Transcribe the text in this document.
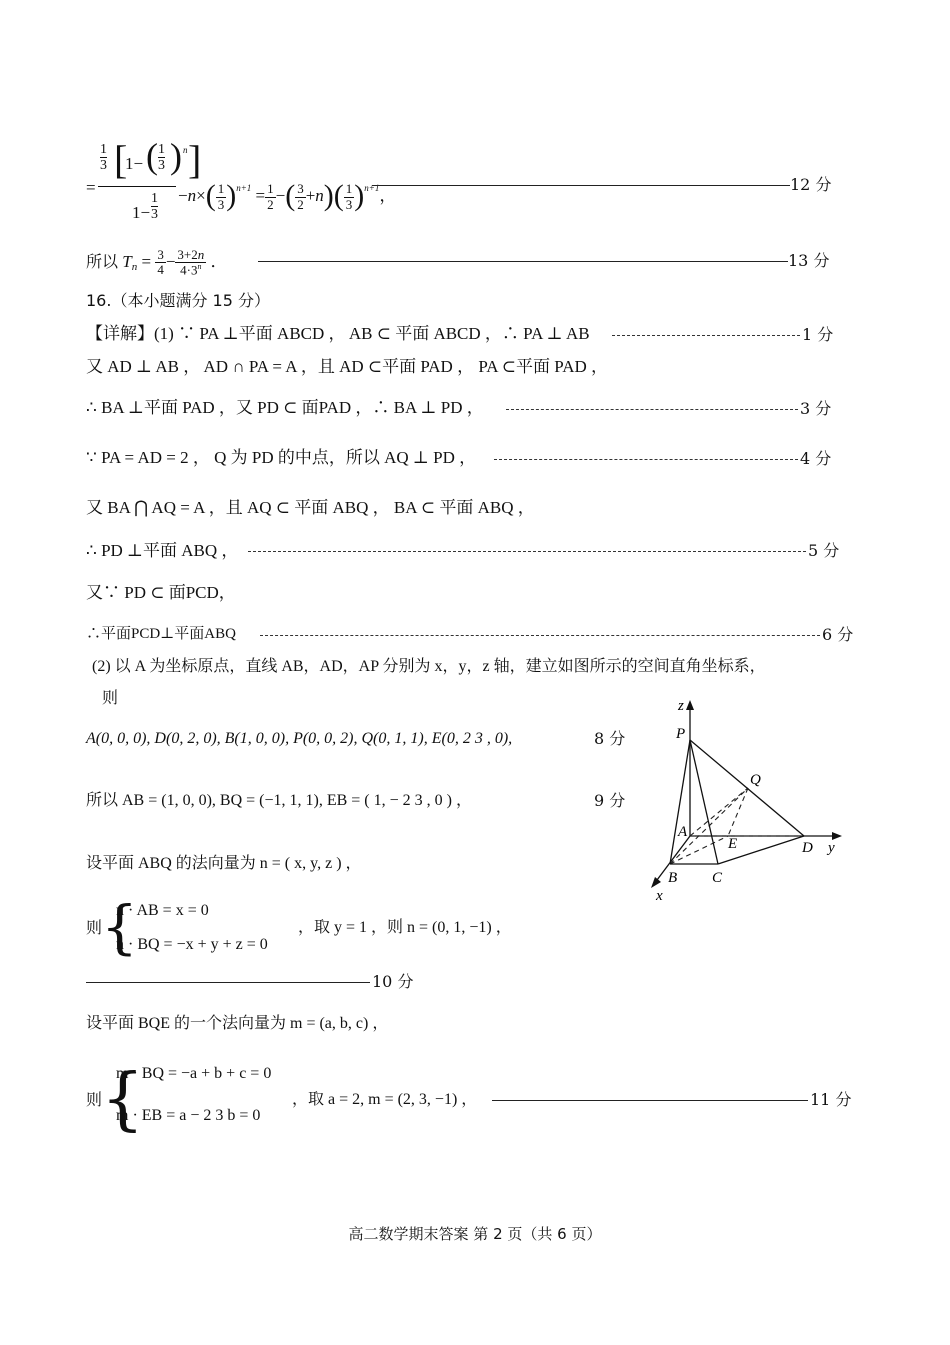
=
1
3 [
1− ( 1
3 ) n ]
1−
1
3
$-n\times( \frac{1}{3} )^{n+1} = \frac{1}{2}$ −( $\frac{3}{2} +n)( \frac{1}{3} )^{n+1}$，
12 分
所以 $Tn = \frac{3}{4} - \frac{3+2n}{4\cdot 3^n}$ ．	13 分
16.（本小题满分 15 分）
【详解】(1) ∵ PA ⊥平面 ABCD ， AB ⊂ 平面 ABCD ，∴ PA ⊥ AB	1 分
又 AD ⊥ AB ， AD ∩ PA = A ，且 AD ⊂平面 PAD ， PA ⊂平面 PAD ，
∴ BA ⊥平面 PAD ，又 PD ⊂ 面PAD ，∴ BA ⊥ PD ，	3 分
∵ PA = AD = 2 ， Q 为 PD 的中点，所以 AQ ⊥ PD ，	4 分
又 BA ⋂ AQ = A ，且 AQ ⊂ 平面 ABQ ， BA ⊂ 平面 ABQ ，
∴ PD ⊥平面 ABQ ，	5 分
又∵ PD ⊂ 面PCD，
∴平面PCD⊥平面ABQ	6 分
(2) 以 A 为坐标原点，直线 AB，AD，AP 分别为 x，y，z 轴，建立如图所示的空间直角坐标系，
则
A(0, 0, 0), D(0, 2, 0), B(1, 0, 0), P(0, 0, 2), Q(0, 1, 1), E(0, 2 3 , 0),	8 分
所以 AB = (1, 0, 0), BQ = (−1, 1, 1), EB = ( 1, − 2 3 , 0 ) ，	9 分
设平面 ABQ 的法向量为 n = ( x, y, z ) ，
则
{
n · AB = x = 0
n · BQ = −x + y + z = 0
，取 y = 1 ，则 n = (0, 1, −1) ，
10 分
设平面 BQE 的一个法向量为 m = (a, b, c) ，
则
{
m · BQ = −a + b + c = 0
m · EB = a − 2 3 b = 0
，取 a = 2, m = (2, 3, −1) ，	11 分
z
P
Q
A
E	D y
B C
x
高二数学期末答案 第 2 页（共 6 页）
